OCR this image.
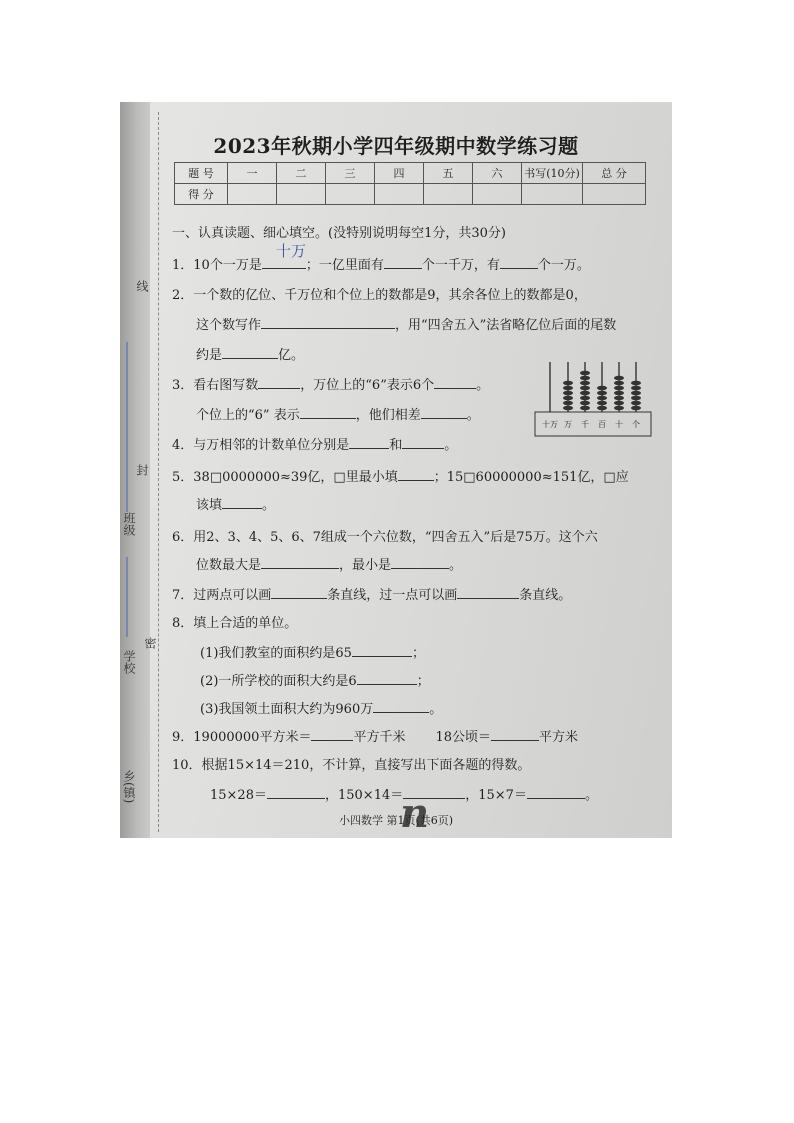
线
封
密
学校
班级
乡(镇)
2023年秋期小学四年级期中数学练习题
题 号	一	二	三	四	五	六	书写(10分)	总 分
得 分								
一、认真读题、细心填空。(没特别说明每空1分，共30分)
1．10个一万是	；一亿里面有	个一千万，有	个一万。
十万
2．一个数的亿位、千万位和个位上的数都是9，其余各位上的数都是0，
这个数写作	，用“四舍五入”法省略亿位后面的尾数
约是	亿。
3．看右图写数	，万位上的“6”表示6个	。
个位上的“6” 表示	，他们相差	。
4．与万相邻的计数单位分别是	和	。
5．38□0000000≈39亿，□里最小填	；15□60000000≈151亿，□应
该填	。
6．用2、3、4、5、6、7组成一个六位数，“四舍五入”后是75万。这个六
位数最大是	，最小是	。
7．过两点可以画	条直线，过一点可以画	条直线。
8．填上合适的单位。
(1)我们教室的面积约是65	；
(2)一所学校的面积大约是6	；
(3)我国领土面积大约为960万	。
9．19000000平方米＝	平方千米 18公顷＝	平方米
10．根据15×14＝210，不计算，直接写出下面各题的得数。
15×28＝	，150×14＝	，15×7＝	。
十万 万 千 百 十 个
n
小四数学 第1页(共6页)
